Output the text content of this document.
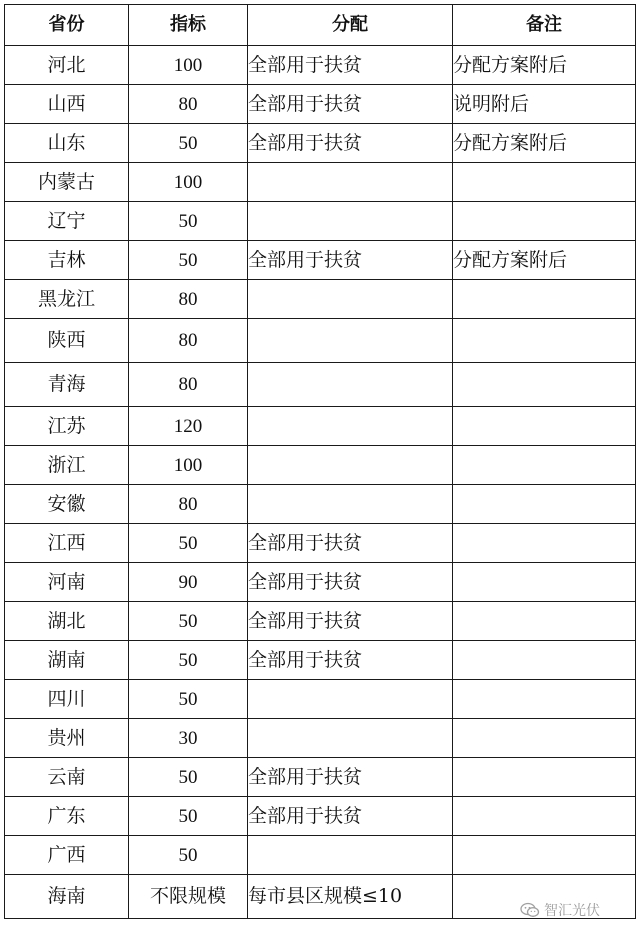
省份	指标	分配	备注
河北	100	全部用于扶贫	分配方案附后
山西	80	全部用于扶贫	说明附后
山东	50	全部用于扶贫	分配方案附后
内蒙古	100		
辽宁	50		
吉林	50	全部用于扶贫	分配方案附后
黑龙江	80		
陕西	80		
青海	80		
江苏	120		
浙江	100		
安徽	80		
江西	50	全部用于扶贫	
河南	90	全部用于扶贫	
湖北	50	全部用于扶贫	
湖南	50	全部用于扶贫	
四川	50		
贵州	30		
云南	50	全部用于扶贫	
广东	50	全部用于扶贫	
广西	50		
海南	不限规模	每市县区规模≤10	
智汇光伏
